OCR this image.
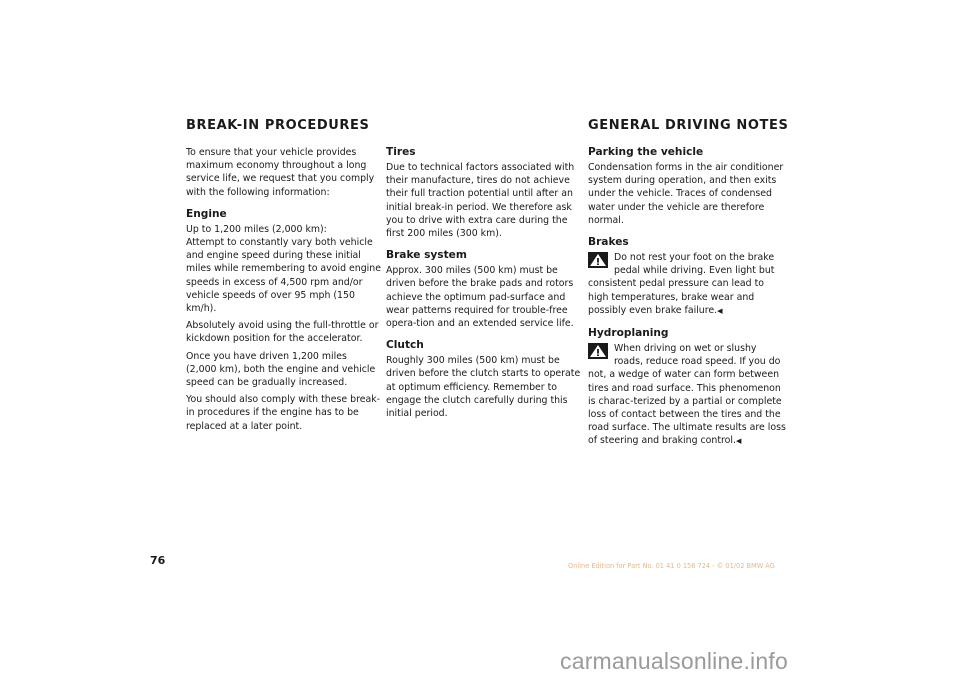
BREAK-IN PROCEDURES	GENERAL DRIVING NOTES

To ensure that your vehicle provides maximum economy throughout a long service life, we request that you comply with the following information:

Engine

Up to 1,200 miles (2,000 km):
Attempt to constantly vary both vehicle and engine speed during these initial miles while remembering to avoid engine speeds in excess of 4,500 rpm and/or vehicle speeds of over 95 mph (150 km/h).

Absolutely avoid using the full-throttle or kickdown position for the accelerator.

Once you have driven 1,200 miles
(2,000 km), both the engine and vehicle speed can be gradually increased.

You should also comply with these break-in procedures if the engine has to be replaced at a later point.

Tires

Due to technical factors associated with their manufacture, tires do not achieve their full traction potential until after an initial break-in period. We therefore ask you to drive with extra care during the first 200 miles (300 km).

Brake system

Approx. 300 miles (500 km) must be driven before the brake pads and rotors achieve the optimum pad-surface and wear patterns required for trouble-free opera-tion and an extended service life.

Clutch

Roughly 300 miles (500 km) must be driven before the clutch starts to operate at optimum efficiency. Remember to engage the clutch carefully during this initial period.

Parking the vehicle

Condensation forms in the air conditioner system during operation, and then exits under the vehicle. Traces of condensed water under the vehicle are therefore normal.

Brakes

Do not rest your foot on the brake pedal while driving. Even light but consistent pedal pressure can lead to high temperatures, brake wear and possibly even brake failure.◀

Hydroplaning

When driving on wet or slushy roads, reduce road speed. If you do not, a wedge of water can form between tires and road surface. This phenomenon is charac-terized by a partial or complete loss of contact between the tires and the road surface. The ultimate results are loss of steering and braking control.◀

76	Online Edition for Part No. 01 41 0 156 724 - © 01/02 BMW AG
carmanualsonline.info
